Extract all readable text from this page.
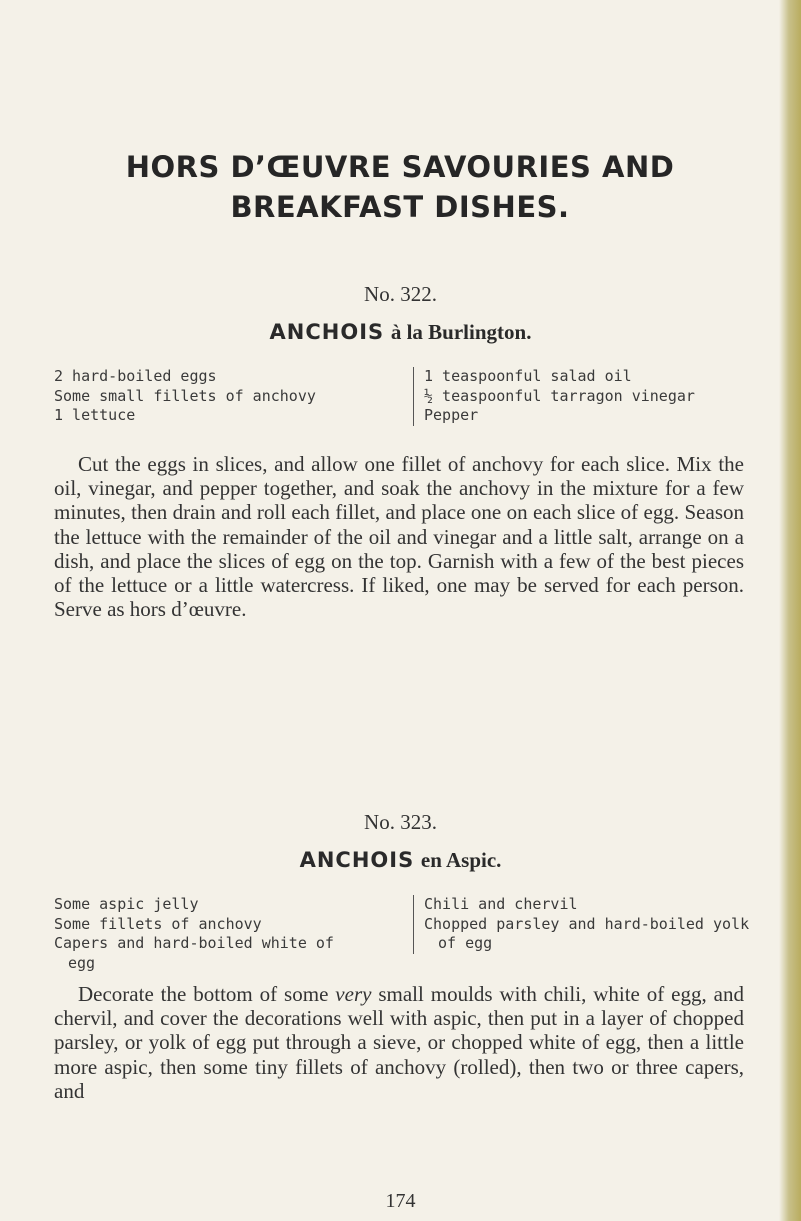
HORS D’ŒUVRE SAVOURIES AND
BREAKFAST DISHES.
No. 322.
ANCHOIS à la Burlington.
2 hard-boiled eggs
Some small fillets of anchovy
1 lettuce
1 teaspoonful salad oil
½ teaspoonful tarragon vinegar
Pepper

Cut the eggs in slices, and allow one fillet of anchovy for each slice. Mix the oil, vinegar, and pepper together, and soak the anchovy in the mixture for a few minutes, then drain and roll each fillet, and place one on each slice of egg. Season the lettuce with the remainder of the oil and vinegar and a little salt, arrange on a dish, and place the slices of egg on the top. Garnish with a few of the best pieces of the lettuce or a little watercress. If liked, one may be served for each person. Serve as hors d’œuvre.

No. 323.
ANCHOIS en Aspic.
Some aspic jelly
Some fillets of anchovy
Capers and hard-boiled white of egg
Chili and chervil
Chopped parsley and hard-boiled yolk of egg

Decorate the bottom of some very small moulds with chili, white of egg, and chervil, and cover the decorations well with aspic, then put in a layer of chopped parsley, or yolk of egg put through a sieve, or chopped white of egg, then a little more aspic, then some tiny fillets of anchovy (rolled), then two or three capers, and

174
